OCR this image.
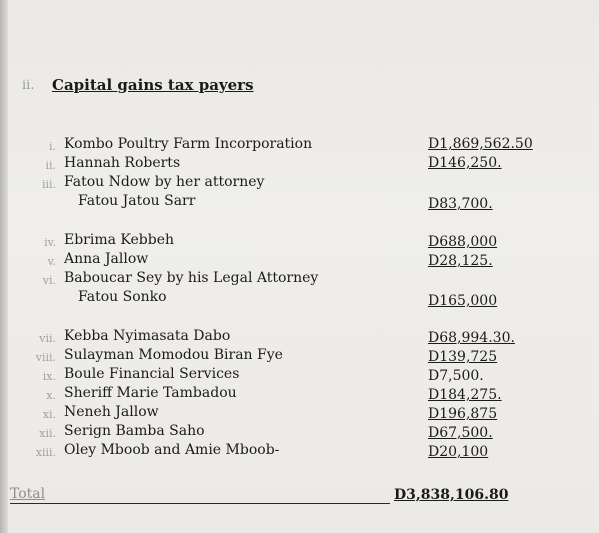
ii. Capital gains tax payers
i. Kombo Poultry Farm Incorporation	D1,869,562.50
ii. Hannah Roberts	D146,250.
iii. Fatou Ndow by her attorney
Fatou Jatou Sarr	D83,700.
iv. Ebrima Kebbeh	D688,000
v. Anna Jallow	D28,125.
vi. Baboucar Sey by his Legal Attorney
Fatou Sonko	D165,000
vii. Kebba Nyimasata Dabo	D68,994.30.
viii. Sulayman Momodou Biran Fye	D139,725
ix. Boule Financial Services	D7,500.
x. Sheriff Marie Tambadou	D184,275.
xi. Neneh Jallow	D196,875
xii. Serign Bamba Saho	D67,500.
xiii. Oley Mboob and Amie Mboob-	D20,100
Total	D3,838,106.80
